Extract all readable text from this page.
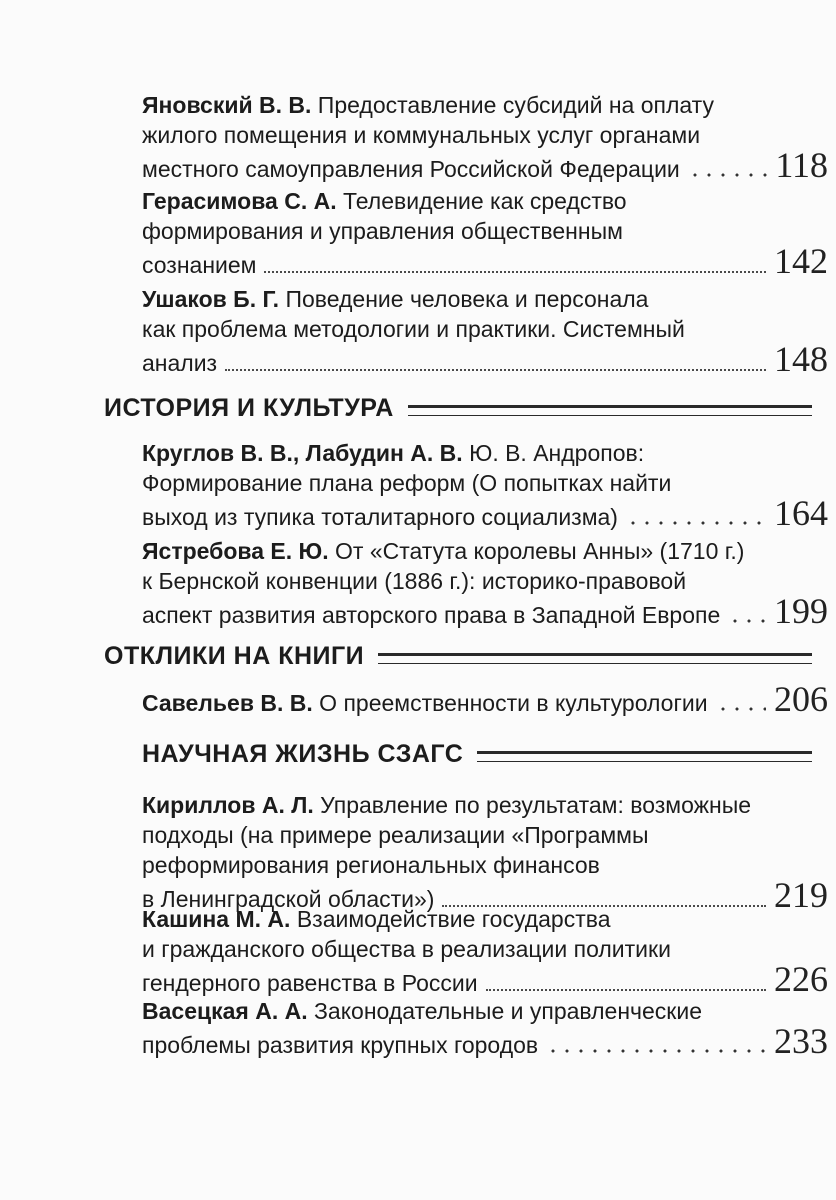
Яновский В. В. Предоставление субсидий на оплату
жилого помещения и коммунальных услуг органами
местного самоуправления Российской Федерации	118
Герасимова С. А. Телевидение как средство
формирования и управления общественным
сознанием	142
Ушаков Б. Г. Поведение человека и персонала
как проблема методологии и практики. Системный
анализ	148
ИСТОРИЯ И КУЛЬТУРА
Круглов В. В., Лабудин А. В. Ю. В. Андропов:
Формирование плана реформ (О попытках найти
выход из тупика тоталитарного социализма)	164
Ястребова Е. Ю. От «Статута королевы Анны» (1710 г.)
к Бернской конвенции (1886 г.): историко-правовой
аспект развития авторского права в Западной Европе 199
ОТКЛИКИ НА КНИГИ
Савельев В. В. О преемственности в культурологии 206
НАУЧНАЯ ЖИЗНЬ СЗАГС
Кириллов А. Л. Управление по результатам: возможные
подходы (на примере реализации «Программы
реформирования региональных финансов
в Ленинградской области»)	219
Кашина М. А. Взаимодействие государства
и гражданского общества в реализации политики
гендерного равенства в России	226
Васецкая А. А. Законодательные и управленческие
проблемы развития крупных городов	233
